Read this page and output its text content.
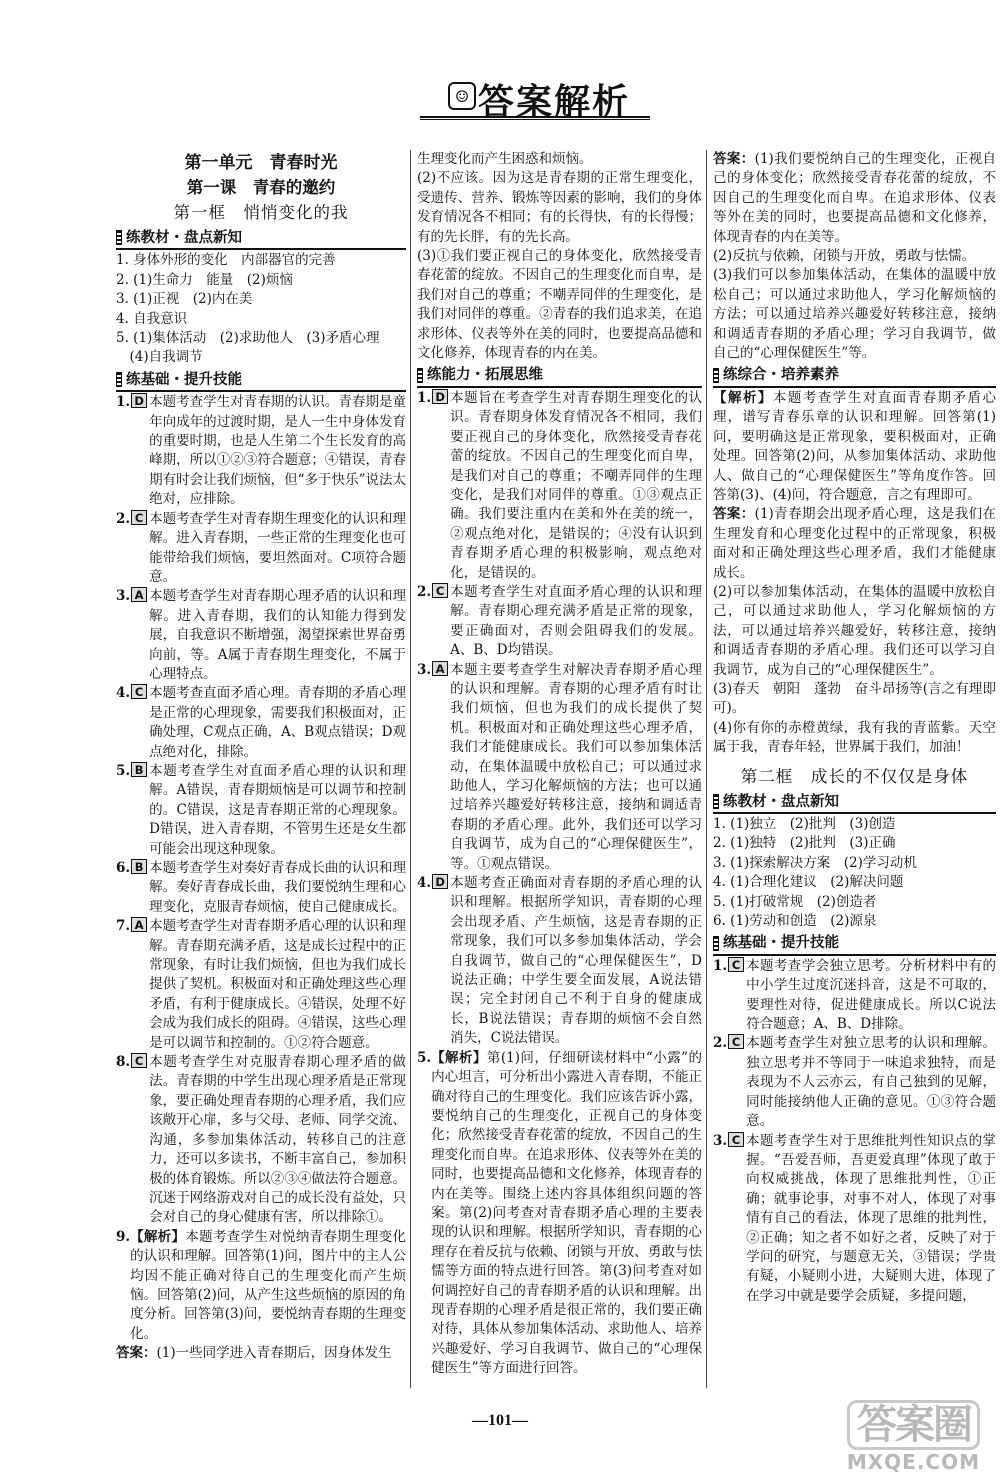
☺ 答案解析
第一单元　青春时光
第一课　青春的邀约
第一框　悄悄变化的我
练教材・盘点新知
1. 身体外形的变化　内部器官的完善
2. (1)生命力　能量　(2)烦恼
3. (1)正视　(2)内在美
4. 自我意识
5. (1)集体活动　(2)求助他人　(3)矛盾心理
　(4)自我调节
练基础・提升技能
1. D 本题考查学生对青春期的认识。青春期是童年向成年的过渡时期，是人一生中身体发育的重要时期，也是人生第二个生长发育的高峰期，所以①②③符合题意；④错误，青春期有时会让我们烦恼，但“多于快乐”说法太绝对，应排除。
2. C 本题考查学生对青春期生理变化的认识和理解。进入青春期，一些正常的生理变化也可能带给我们烦恼，要坦然面对。C项符合题意。
3. A 本题考查学生对青春期心理矛盾的认识和理解。进入青春期，我们的认知能力得到发展，自我意识不断增强，渴望探索世界奋勇向前，等。A属于青春期生理变化，不属于心理特点。
4. C 本题考查直面矛盾心理。青春期的矛盾心理是正常的心理现象，需要我们积极面对，正确处理，C观点正确，A、B观点错误；D观点绝对化，排除。
5. B 本题考查学生对直面矛盾心理的认识和理解。A错误，青春期烦恼是可以调节和控制的。C错误，这是青春期正常的心理现象。D错误，进入青春期，不管男生还是女生都可能会出现这种现象。
6. B 本题考查学生对奏好青春成长曲的认识和理解。奏好青春成长曲，我们要悦纳生理和心理变化，克服青春烦恼，使自己健康成长。
7. A 本题考查学生对青春期矛盾心理的认识和理解。青春期充满矛盾，这是成长过程中的正常现象，有时让我们烦恼，但也为我们成长提供了契机。积极面对和正确处理这些心理矛盾，有利于健康成长。④错误，处理不好会成为我们成长的阻碍。④错误，这些心理是可以调节和控制的。①②符合题意。
8. C 本题考查学生对克服青春期心理矛盾的做法。青春期的中学生出现心理矛盾是正常现象，要正确处理青春期的心理矛盾，我们应该敞开心扉，多与父母、老师、同学交流、沟通，多参加集体活动，转移自己的注意力，还可以多读书，不断丰富自己，参加积极的体育锻炼。所以②③④做法符合题意。沉迷于网络游戏对自己的成长没有益处，只会对自己的身心健康有害，所以排除①。
9. 【解析】本题考查学生对悦纳青春期生理变化的认识和理解。回答第(1)问，图片中的主人公均因不能正确对待自己的生理变化而产生烦恼。回答第(2)问，从产生这些烦恼的原因的角度分析。回答第(3)问，要悦纳青春期的生理变化。
答案：(1)一些同学进入青春期后，因身体发生
生理变化而产生困惑和烦恼。
(2)不应该。因为这是青春期的正常生理变化，受遗传、营养、锻炼等因素的影响，我们的身体发育情况各不相同；有的长得快，有的长得慢；有的先长胖，有的先长高。
(3)①我们要正视自己的身体变化，欣然接受青春花蕾的绽放。不因自己的生理变化而自卑，是我们对自己的尊重；不嘲弄同伴的生理变化，是我们对同伴的尊重。②青春的我们追求美，在追求形体、仪表等外在美的同时，也要提高品德和文化修养，体现青春的内在美。
练能力・拓展思维
1. D 本题旨在考查学生对青春期生理变化的认识。青春期身体发育情况各不相同，我们要正视自己的身体变化，欣然接受青春花蕾的绽放。不因自己的生理变化而自卑，是我们对自己的尊重；不嘲弄同伴的生理变化，是我们对同伴的尊重。①③观点正确。我们要注重内在美和外在美的统一，②观点绝对化，是错误的；④没有认识到青春期矛盾心理的积极影响，观点绝对化，是错误的。
2. C 本题考查学生对直面矛盾心理的认识和理解。青春期心理充满矛盾是正常的现象，要正确面对，否则会阻碍我们的发展。A、B、D均错误。
3. A 本题主要考查学生对解决青春期矛盾心理的认识和理解。青春期的心理矛盾有时让我们烦恼，但也为我们的成长提供了契机。积极面对和正确处理这些心理矛盾，我们才能健康成长。我们可以参加集体活动，在集体温暖中放松自己；可以通过求助他人，学习化解烦恼的方法；也可以通过培养兴趣爱好转移注意，接纳和调适青春期的矛盾心理。此外，我们还可以学习自我调节，成为自己的“心理保健医生”，等。①观点错误。
4. D 本题考查正确面对青春期的矛盾心理的认识和理解。根据所学知识，青春期的心理会出现矛盾、产生烦恼，这是青春期的正常现象，我们可以多参加集体活动，学会自我调节，做自己的“心理保健医生”，D说法正确；中学生要全面发展，A说法错误；完全封闭自己不利于自身的健康成长，B说法错误；青春期的烦恼不会自然消失，C说法错误。
5. 【解析】第(1)问，仔细研读材料中“小露”的内心坦言，可分析出小露进入青春期，不能正确对待自己的生理变化。我们应该告诉小露，要悦纳自己的生理变化，正视自己的身体变化；欣然接受青春花蕾的绽放，不因自己的生理变化而自卑。在追求形体、仪表等外在美的同时，也要提高品德和文化修养，体现青春的内在美等。围绕上述内容具体组织问题的答案。第(2)问考查对青春期矛盾心理的主要表现的认识和理解。根据所学知识，青春期的心理存在着反抗与依赖、闭锁与开放、勇敢与怯懦等方面的特点进行回答。第(3)问考查对如何调控好自己的青春期矛盾的认识和理解。出现青春期的心理矛盾是很正常的，我们要正确对待，具体从参加集体活动、求助他人、培养兴趣爱好、学习自我调节、做自己的“心理保健医生”等方面进行回答。
答案：(1)我们要悦纳自己的生理变化，正视自己的身体变化；欣然接受青春花蕾的绽放，不因自己的生理变化而自卑。在追求形体、仪表等外在美的同时，也要提高品德和文化修养，体现青春的内在美等。
(2)反抗与依赖，闭锁与开放，勇敢与怯懦。
(3)我们可以参加集体活动，在集体的温暖中放松自己；可以通过求助他人，学习化解烦恼的方法；可以通过培养兴趣爱好转移注意，接纳和调适青春期的矛盾心理；学习自我调节，做自己的“心理保健医生”等。
练综合・培养素养
【解析】本题考查学生对直面青春期矛盾心理，谱写青春乐章的认识和理解。回答第(1)问，要明确这是正常现象，要积极面对，正确处理。回答第(2)问，从参加集体活动、求助他人、做自己的“心理保健医生”等角度作答。回答第(3)、(4)问，符合题意，言之有理即可。
答案：(1)青春期会出现矛盾心理，这是我们在生理发育和心理变化过程中的正常现象，积极面对和正确处理这些心理矛盾，我们才能健康成长。
(2)可以参加集体活动，在集体的温暖中放松自己，可以通过求助他人，学习化解烦恼的方法，可以通过培养兴趣爱好，转移注意，接纳和调适青春期的矛盾心理。我们还可以学习自我调节，成为自己的“心理保健医生”。
(3)春天　朝阳　蓬勃　奋斗昂扬等(言之有理即可)。
(4)你有你的赤橙黄绿，我有我的青蓝紫。天空属于我，青春年轻，世界属于我们，加油！
第二框　成长的不仅仅是身体
练教材・盘点新知
1. (1)独立　(2)批判　(3)创造
2. (1)独特　(2)批判　(3)正确
3. (1)探索解决方案　(2)学习动机
4. (1)合理化建议　(2)解决问题
5. (1)打破常规　(2)创造者
6. (1)劳动和创造　(2)源泉
练基础・提升技能
1. C 本题考查学会独立思考。分析材料中有的中小学生过度沉迷抖音，这是不可取的，要理性对待，促进健康成长。所以C说法符合题意；A、B、D排除。
2. C 本题考查学生对独立思考的认识和理解。独立思考并不等同于一味追求独特，而是表现为不人云亦云，有自己独到的见解，同时能接纳他人正确的意见。①③符合题意。
3. C 本题考查学生对于思维批判性知识点的掌握。“吾爱吾师，吾更爱真理”体现了敢于向权威挑战，体现了思维批判性，①正确；就事论事，对事不对人，体现了对事情有自己的看法，体现了思维的批判性，②正确；知之者不如好之者，反映了对于学问的研究，与题意无关，③错误；学贵有疑，小疑则小进，大疑则大进，体现了在学习中就是要学会质疑，多提问题，
—101—	答案圈
MXQE.COM
